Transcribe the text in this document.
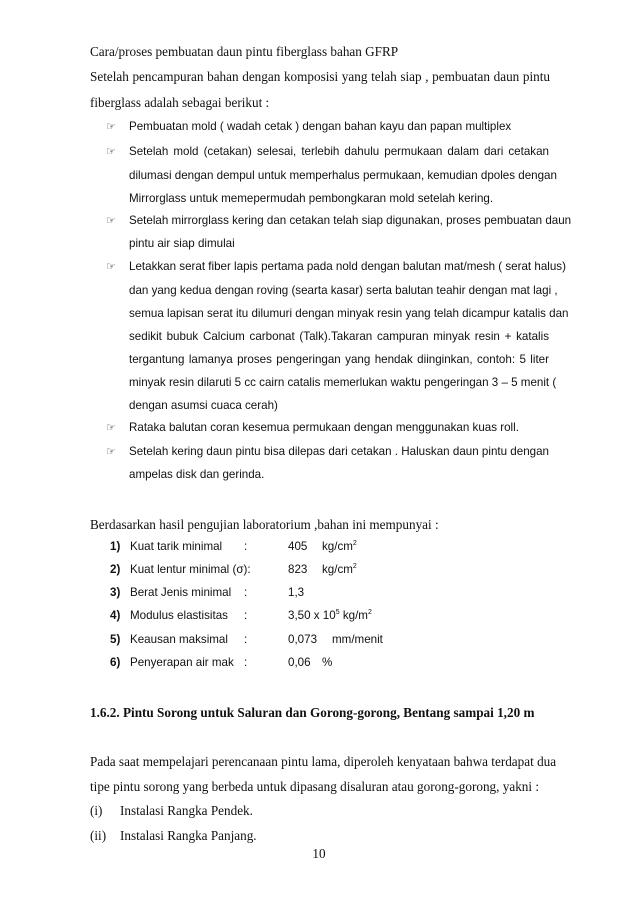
Cara/proses pembuatan daun pintu fiberglass bahan GFRP
Setelah pencampuran bahan dengan komposisi yang telah siap , pembuatan daun pintu
fiberglass adalah sebagai berikut :
☞ Pembuatan mold ( wadah cetak ) dengan bahan kayu dan papan multiplex
☞ Setelah mold (cetakan) selesai, terlebih dahulu permukaan dalam dari cetakan
dilumasi dengan dempul untuk memperhalus permukaan, kemudian dpoles dengan
Mirrorglass untuk memepermudah pembongkaran mold setelah kering.
☞ Setelah mirrorglass kering dan cetakan telah siap digunakan, proses pembuatan daun
pintu air siap dimulai
☞ Letakkan serat fiber lapis pertama pada nold dengan balutan mat/mesh ( serat halus)
dan yang kedua dengan roving (searta kasar) serta balutan teahir dengan mat lagi ,
semua lapisan serat itu dilumuri dengan minyak resin yang telah dicampur katalis dan
sedikit bubuk Calcium carbonat (Talk).Takaran campuran minyak resin + katalis
tergantung lamanya proses pengeringan yang hendak diinginkan, contoh: 5 liter
minyak resin dilaruti 5 cc cairn catalis memerlukan waktu pengeringan 3 – 5 menit (
dengan asumsi cuaca cerah)
☞ Rataka balutan coran kesemua permukaan dengan menggunakan kuas roll.
☞ Setelah kering daun pintu bisa dilepas dari cetakan . Haluskan daun pintu dengan
ampelas disk dan gerinda.
Berdasarkan hasil pengujian laboratorium ,bahan ini mempunyai :
1) Kuat tarik minimal :	405 $kg/cm^2$
2) Kuat lentur minimal (σ):	823 $kg/cm^2$
3) Berat Jenis minimal :	1,3
4) Modulus elastisitas :	3,50 x $10^5$ $kg/m^2$
5) Keausan maksimal :	0,073 mm/menit
6) Penyerapan air mak :	0,06 %
1.6.2. Pintu Sorong untuk Saluran dan Gorong-gorong, Bentang sampai 1,20 m
Pada saat mempelajari perencanaan pintu lama, diperoleh kenyataan bahwa terdapat dua
tipe pintu sorong yang berbeda untuk dipasang disaluran atau gorong-gorong, yakni :
(i) Instalasi Rangka Pendek.
(ii) Instalasi Rangka Panjang.
10
